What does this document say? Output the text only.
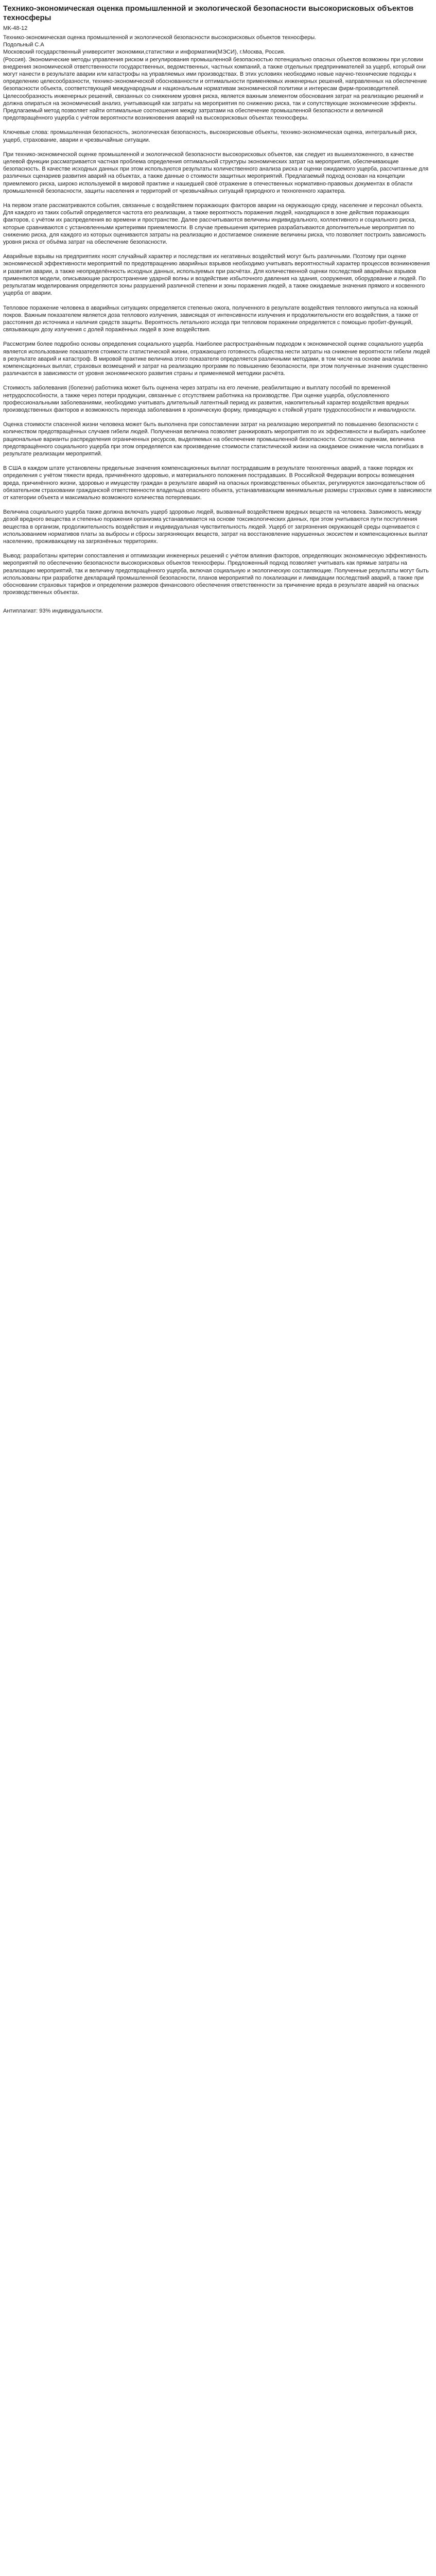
Технико-экономическая оценка промышленной и экологической безопасности высокорисковых объектов техносферы
МК-48-12

Технико-экономическая оценка промышленной и экологической безопасности высокорисковых объектов техносферы.

Подольный С.А

Московский государственный университет экономики,статистики и информатики(МЭСИ), г.Москва, Россия.

(Россия). Экономические методы управления риском и регулирования промышленной безопасностью потенциально опасных объектов возможны при условии внедрения экономической ответственности государственных, ведомственных, частных компаний, а также отдельных предпринимателей за ущерб, который они могут нанести в результате аварии или катастрофы на управляемых ими производствах. В этих условиях необходимо новые научно-технические подходы к определению целесообразности, технико-экономической обоснованности и оптимальности применяемых инженерных решений, направленных на обеспечение безопасности объекта, соответствующей международным и национальным нормативам экономической политики и интересам фирм-производителей. Целесообразность инженерных решений, связанных со снижением уровня риска, является важным элементом обоснования затрат на реализацию решений и должна опираться на экономический анализ, учитывающий как затраты на мероприятия по снижению риска, так и сопутствующие экономические эффекты. Предлагаемый метод позволяет найти оптимальные соотношения между затратами на обеспечение промышленной безопасности и величиной предотвращённого ущерба с учётом вероятности возникновения аварий на высокорисковых объектах техносферы.

Ключевые слова: промышленная безопасность, экологическая безопасность, высокорисковые объекты, технико-экономическая оценка, интегральный риск, ущерб, страхование, аварии и чрезвычайные ситуации.

При технико-экономической оценке промышленной и экологической безопасности высокорисковых объектов, как следует из вышеизложенного, в качестве целевой функции рассматривается частная проблема определения оптимальной структуры экономических затрат на мероприятия, обеспечивающие безопасность. В качестве исходных данных при этом используются результаты количественного анализа риска и оценки ожидаемого ущерба, рассчитанные для различных сценариев развития аварий на объектах, а также данные о стоимости защитных мероприятий. Предлагаемый подход основан на концепции приемлемого риска, широко используемой в мировой практике и нашедшей своё отражение в отечественных нормативно-правовых документах в области промышленной безопасности, защиты населения и территорий от чрезвычайных ситуаций природного и техногенного характера.

На первом этапе рассматриваются события, связанные с воздействием поражающих факторов аварии на окружающую среду, население и персонал объекта. Для каждого из таких событий определяется частота его реализации, а также вероятность поражения людей, находящихся в зоне действия поражающих факторов, с учётом их распределения во времени и пространстве. Далее рассчитываются величины индивидуального, коллективного и социального риска, которые сравниваются с установленными критериями приемлемости. В случае превышения критериев разрабатываются дополнительные мероприятия по снижению риска, для каждого из которых оцениваются затраты на реализацию и достигаемое снижение величины риска, что позволяет построить зависимость уровня риска от объёма затрат на обеспечение безопасности.

Аварийные взрывы на предприятиях носят случайный характер и последствия их негативных воздействий могут быть различными. Поэтому при оценке экономической эффективности мероприятий по предотвращению аварийных взрывов необходимо учитывать вероятностный характер процессов возникновения и развития аварии, а также неопределённость исходных данных, используемых при расчётах. Для количественной оценки последствий аварийных взрывов применяются модели, описывающие распространение ударной волны и воздействие избыточного давления на здания, сооружения, оборудование и людей. По результатам моделирования определяются зоны разрушений различной степени и зоны поражения людей, а также ожидаемые значения прямого и косвенного ущерба от аварии.

Тепловое поражение человека в аварийных ситуациях определяется степенью ожога, полученного в результате воздействия теплового импульса на кожный покров. Важным показателем является доза теплового излучения, зависящая от интенсивности излучения и продолжительности его воздействия, а также от расстояния до источника и наличия средств защиты. Вероятность летального исхода при тепловом поражении определяется с помощью пробит-функций, связывающих дозу излучения с долей поражённых людей в зоне воздействия.

Рассмотрим более подробно основы определения социального ущерба. Наиболее распространённым подходом к экономической оценке социального ущерба является использование показателя стоимости статистической жизни, отражающего готовность общества нести затраты на снижение вероятности гибели людей в результате аварий и катастроф. В мировой практике величина этого показателя определяется различными методами, в том числе на основе анализа компенсационных выплат, страховых возмещений и затрат на реализацию программ по повышению безопасности, при этом полученные значения существенно различаются в зависимости от уровня экономического развития страны и применяемой методики расчёта.

Стоимость заболевания (болезни) работника может быть оценена через затраты на его лечение, реабилитацию и выплату пособий по временной нетрудоспособности, а также через потери продукции, связанные с отсутствием работника на производстве. При оценке ущерба, обусловленного профессиональными заболеваниями, необходимо учитывать длительный латентный период их развития, накопительный характер воздействия вредных производственных факторов и возможность перехода заболевания в хроническую форму, приводящую к стойкой утрате трудоспособности и инвалидности.

Оценка стоимости спасенной жизни человека может быть выполнена при сопоставлении затрат на реализацию мероприятий по повышению безопасности с количеством предотвращённых случаев гибели людей. Полученная величина позволяет ранжировать мероприятия по их эффективности и выбирать наиболее рациональные варианты распределения ограниченных ресурсов, выделяемых на обеспечение промышленной безопасности. Согласно оценкам, величина предотвращённого социального ущерба при этом определяется как произведение стоимости статистической жизни на ожидаемое снижение числа погибших в результате реализации мероприятий.

В США в каждом штате установлены предельные значения компенсационных выплат пострадавшим в результате техногенных аварий, а также порядок их определения с учётом тяжести вреда, причинённого здоровью, и материального положения пострадавших. В Российской Федерации вопросы возмещения вреда, причинённого жизни, здоровью и имуществу граждан в результате аварий на опасных производственных объектах, регулируются законодательством об обязательном страховании гражданской ответственности владельца опасного объекта, устанавливающим минимальные размеры страховых сумм в зависимости от категории объекта и максимально возможного количества потерпевших.

Величина социального ущерба также должна включать ущерб здоровью людей, вызванный воздействием вредных веществ на человека. Зависимость между дозой вредного вещества и степенью поражения организма устанавливается на основе токсикологических данных, при этом учитываются пути поступления вещества в организм, продолжительность воздействия и индивидуальная чувствительность людей. Ущерб от загрязнения окружающей среды оценивается с использованием нормативов платы за выбросы и сбросы загрязняющих веществ, затрат на восстановление нарушенных экосистем и компенсационных выплат населению, проживающему на загрязнённых территориях.

Вывод: разработаны критерии сопоставления и оптимизации инженерных решений с учётом влияния факторов, определяющих экономическую эффективность мероприятий по обеспечению безопасности высокорисковых объектов техносферы. Предложенный подход позволяет учитывать как прямые затраты на реализацию мероприятий, так и величину предотвращённого ущерба, включая социальную и экологическую составляющие. Полученные результаты могут быть использованы при разработке деклараций промышленной безопасности, планов мероприятий по локализации и ликвидации последствий аварий, а также при обосновании страховых тарифов и определении размеров финансового обеспечения ответственности за причинение вреда в результате аварий на опасных производственных объектах.

Антиплагиат: 93% индивидуальности.
